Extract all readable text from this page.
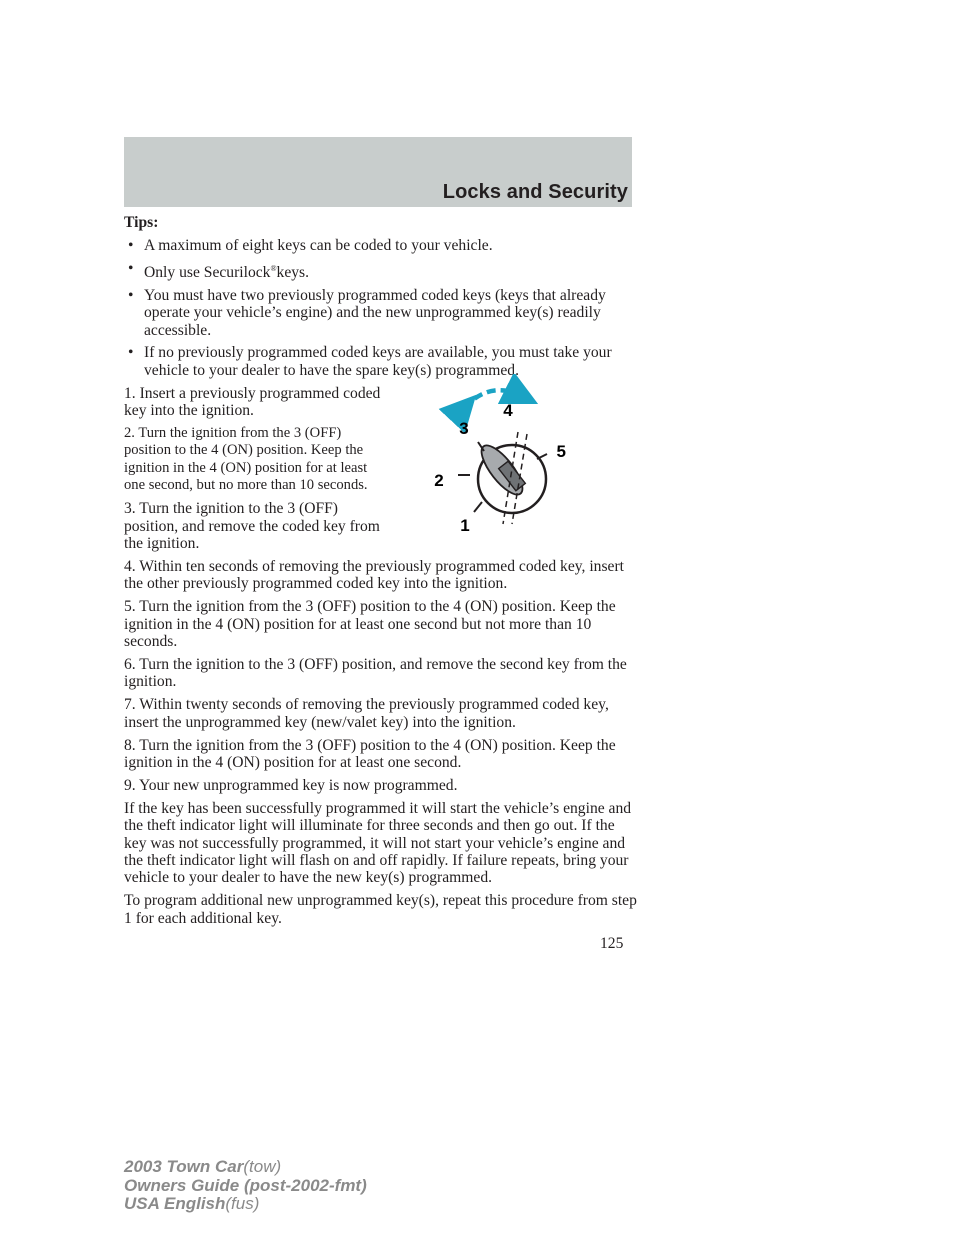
Locks and Security

Tips:

• A maximum of eight keys can be coded to your vehicle.
• Only use Securilock®keys.
• You must have two previously programmed coded keys (keys that already operate your vehicle’s engine) and the new unprogrammed key(s) readily accessible.
• If no previously programmed coded keys are available, you must take your vehicle to your dealer to have the spare key(s) programmed.

1. Insert a previously programmed coded key into the ignition.

2. Turn the ignition from the 3 (OFF) position to the 4 (ON) position. Keep the ignition in the 4 (ON) position for at least one second, but no more than 10 seconds.

3. Turn the ignition to the 3 (OFF) position, and remove the coded key from the ignition.

4. Within ten seconds of removing the previously programmed coded key, insert the other previously programmed coded key into the ignition.

5. Turn the ignition from the 3 (OFF) position to the 4 (ON) position. Keep the ignition in the 4 (ON) position for at least one second but not more than 10 seconds.

6. Turn the ignition to the 3 (OFF) position, and remove the second key from the ignition.

7. Within twenty seconds of removing the previously programmed coded key, insert the unprogrammed key (new/valet key) into the ignition.

8. Turn the ignition from the 3 (OFF) position to the 4 (ON) position. Keep the ignition in the 4 (ON) position for at least one second.

9. Your new unprogrammed key is now programmed.

If the key has been successfully programmed it will start the vehicle’s engine and the theft indicator light will illuminate for three seconds and then go out. If the key was not successfully programmed, it will not start your vehicle’s engine and the theft indicator light will flash on and off rapidly. If failure repeats, bring your vehicle to your dealer to have the new key(s) programmed.

To program additional new unprogrammed key(s), repeat this procedure from step 1 for each additional key.

3
4
5
2
1
125
2003 Town Car(tow)
Owners Guide (post-2002-fmt)
USA English(fus)
